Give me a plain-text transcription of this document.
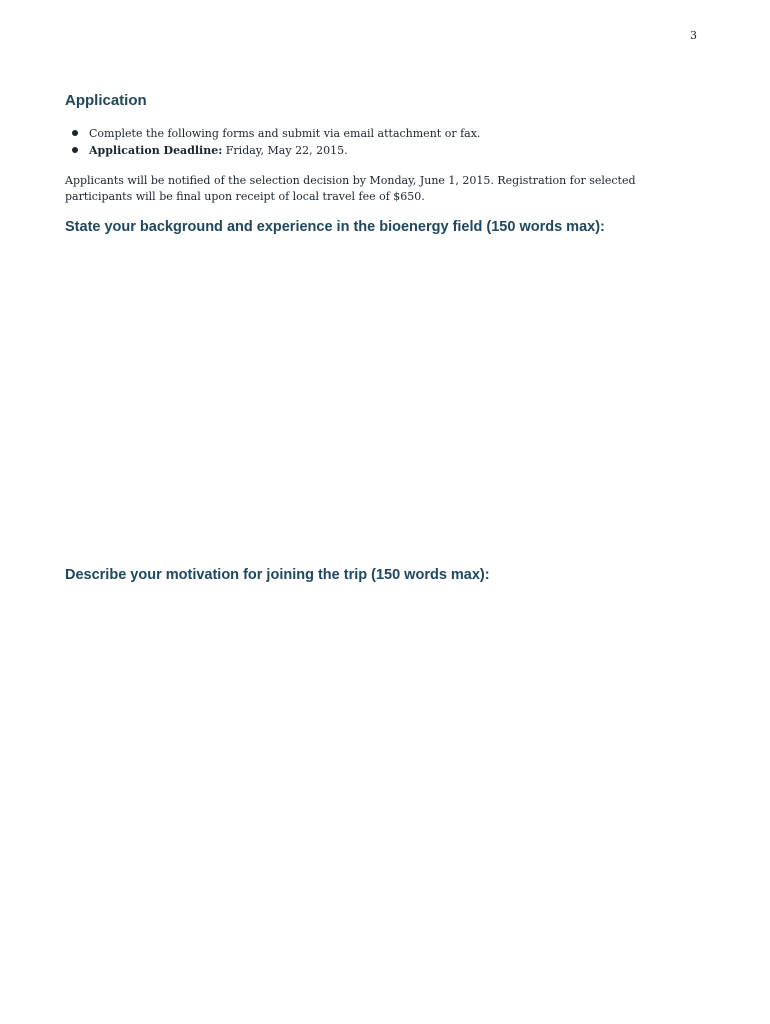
3
Application
Complete the following forms and submit via email attachment or fax.
Application Deadline: Friday, May 22, 2015.

Applicants will be notified of the selection decision by Monday, June 1, 2015. Registration for selected participants will be final upon receipt of local travel fee of $650.

State your background and experience in the bioenergy field (150 words max):
Describe your motivation for joining the trip (150 words max):
